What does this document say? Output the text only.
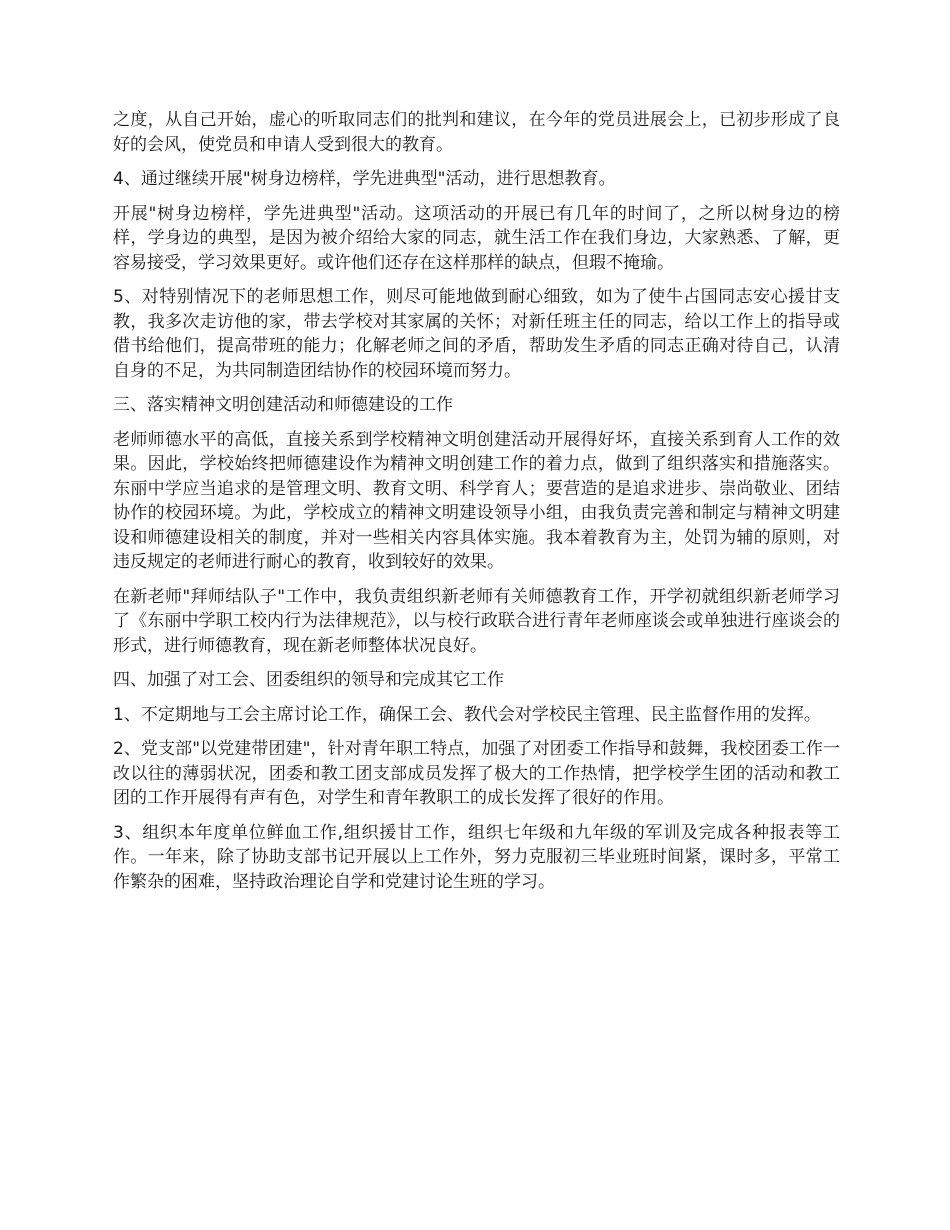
之度，从自己开始，虚心的听取同志们的批判和建议，在今年的党员进展会上，已初步形成了良好的会风，使党员和申请人受到很大的教育。

4、通过继续开展"树身边榜样，学先进典型"活动，进行思想教育。

开展"树身边榜样，学先进典型"活动。这项活动的开展已有几年的时间了，之所以树身边的榜样，学身边的典型，是因为被介绍给大家的同志，就生活工作在我们身边，大家熟悉、了解，更容易接受，学习效果更好。或许他们还存在这样那样的缺点，但瑕不掩瑜。

5、对特别情况下的老师思想工作，则尽可能地做到耐心细致，如为了使牛占国同志安心援甘支教，我多次走访他的家，带去学校对其家属的关怀；对新任班主任的同志，给以工作上的指导或借书给他们，提高带班的能力；化解老师之间的矛盾，帮助发生矛盾的同志正确对待自己，认清自身的不足，为共同制造团结协作的校园环境而努力。

三、落实精神文明创建活动和师德建设的工作

老师师德水平的高低，直接关系到学校精神文明创建活动开展得好坏，直接关系到育人工作的效果。因此，学校始终把师德建设作为精神文明创建工作的着力点，做到了组织落实和措施落实。东丽中学应当追求的是管理文明、教育文明、科学育人；要营造的是追求进步、崇尚敬业、团结协作的校园环境。为此，学校成立的精神文明建设领导小组，由我负责完善和制定与精神文明建设和师德建设相关的制度，并对一些相关内容具体实施。我本着教育为主，处罚为辅的原则，对违反规定的老师进行耐心的教育，收到较好的效果。

在新老师"拜师结队子"工作中，我负责组织新老师有关师德教育工作，开学初就组织新老师学习了《东丽中学职工校内行为法律规范》，以与校行政联合进行青年老师座谈会或单独进行座谈会的形式，进行师德教育，现在新老师整体状况良好。

四、加强了对工会、团委组织的领导和完成其它工作

1、不定期地与工会主席讨论工作，确保工会、教代会对学校民主管理、民主监督作用的发挥。

2、党支部"以党建带团建"，针对青年职工特点，加强了对团委工作指导和鼓舞，我校团委工作一改以往的薄弱状况，团委和教工团支部成员发挥了极大的工作热情，把学校学生团的活动和教工团的工作开展得有声有色，对学生和青年教职工的成长发挥了很好的作用。

3、组织本年度单位鲜血工作,组织援甘工作，组织七年级和九年级的军训及完成各种报表等工作。一年来，除了协助支部书记开展以上工作外，努力克服初三毕业班时间紧，课时多，平常工作繁杂的困难，坚持政治理论自学和党建讨论生班的学习。
